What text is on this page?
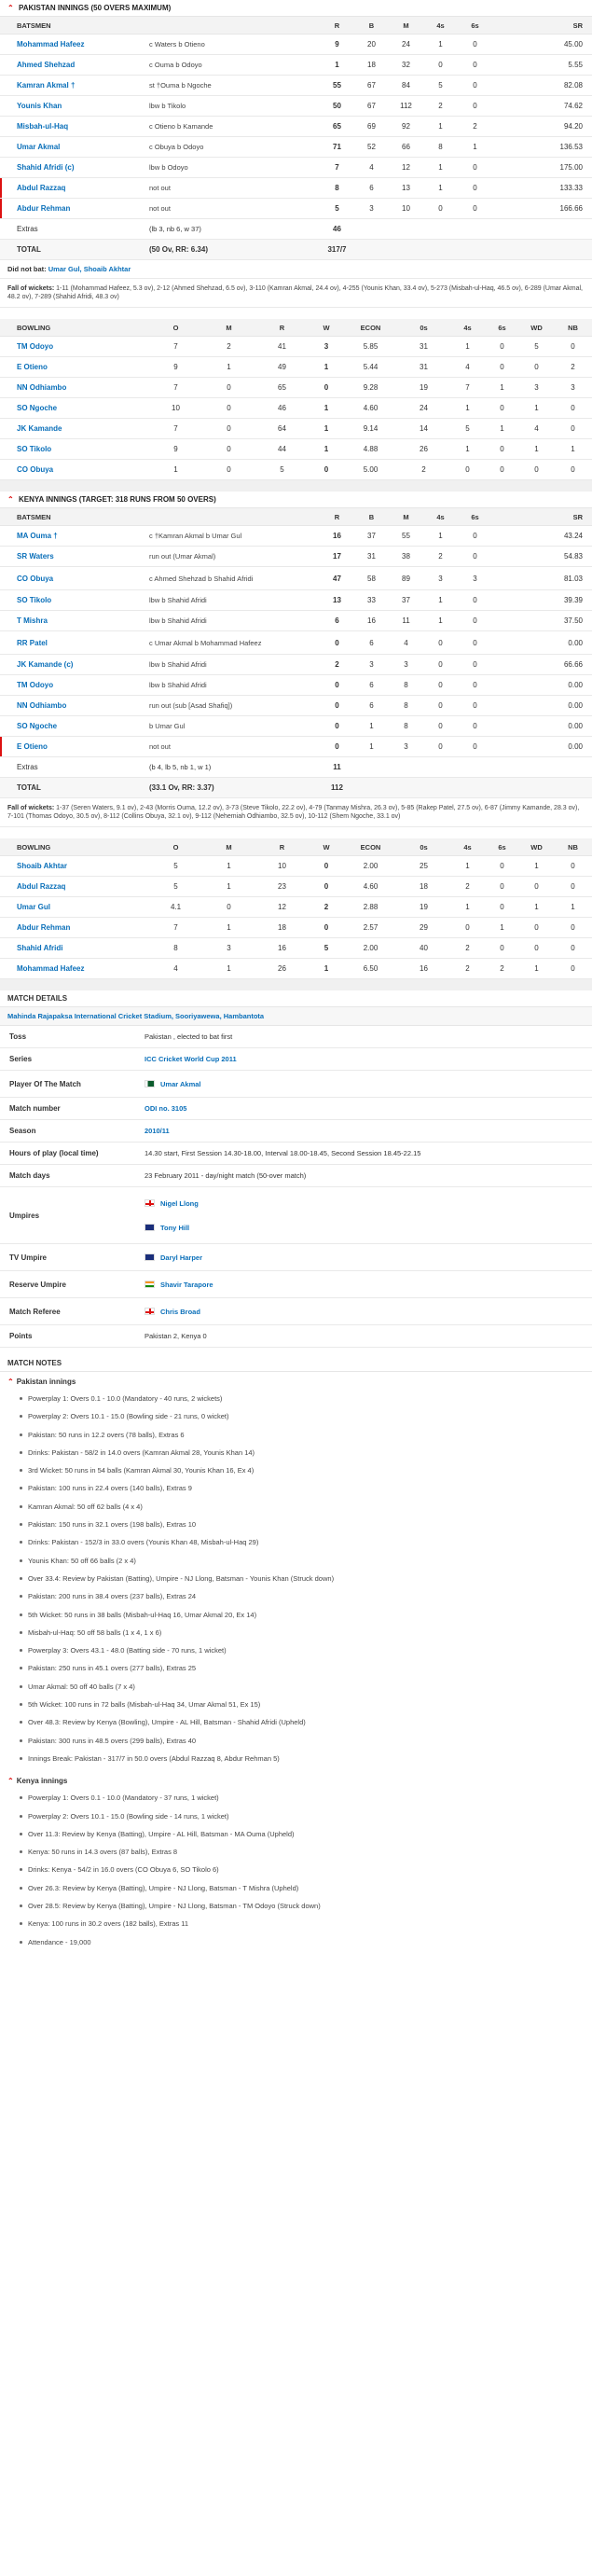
⌃ PAKISTAN INNINGS (50 OVERS MAXIMUM)
BATSMEN	R	B	M	4s	6s	SR
Mohammad Hafeez	c Waters b Otieno	9	20	24	1	0	45.00
Ahmed Shehzad	c Ouma b Odoyo	1	18	32	0	0	5.55
Kamran Akmal †	st †Ouma b Ngoche	55	67	84	5	0	82.08
Younis Khan	lbw b Tikolo	50	67	112	2	0	74.62
Misbah-ul-Haq	c Otieno b Kamande	65	69	92	1	2	94.20
Umar Akmal	c Obuya b Odoyo	71	52	66	8	1	136.53
Shahid Afridi (c)	lbw b Odoyo	7	4	12	1	0	175.00
Abdul Razzaq	not out	8	6	13	1	0	133.33
Abdur Rehman	not out	5	3	10	0	0	166.66
Extras	(lb 3, nb 6, w 37)	46
TOTAL	(50 Ov, RR: 6.34)	317/7
Did not bat: Umar Gul, Shoaib Akhtar
Fall of wickets: 1-11 (Mohammad Hafeez, 5.3 ov), 2-12 (Ahmed Shehzad, 6.5 ov), 3-110 (Kamran Akmal, 24.4 ov), 4-255 (Younis Khan, 33.4 ov), 5-273 (Misbah-ul-Haq, 46.5 ov), 6-289 (Umar Akmal, 48.2 ov), 7-289 (Shahid Afridi, 48.3 ov)
BOWLING	O	M	R	W	ECON	0s	4s	6s	WD	NB
TM Odoyo	7	2	41	3	5.85	31	1	0	5	0
E Otieno	9	1	49	1	5.44	31	4	0	0	2
NN Odhiambo	7	0	65	0	9.28	19	7	1	3	3
SO Ngoche	10	0	46	1	4.60	24	1	0	1	0
JK Kamande	7	0	64	1	9.14	14	5	1	4	0
SO Tikolo	9	0	44	1	4.88	26	1	0	1	1
CO Obuya	1	0	5	0	5.00	2	0	0	0	0
⌃ KENYA INNINGS (TARGET: 318 RUNS FROM 50 OVERS)
BATSMEN	R	B	M	4s	6s	SR
MA Ouma †	c †Kamran Akmal b Umar Gul	16	37	55	1	0	43.24
SR Waters	run out (Umar Akmal)	17	31	38	2	0	54.83
CO Obuya	c Ahmed Shehzad b Shahid Afridi	47	58	89	3	3	81.03
SO Tikolo	lbw b Shahid Afridi	13	33	37	1	0	39.39
T Mishra	lbw b Shahid Afridi	6	16	11	1	0	37.50
RR Patel	c Umar Akmal b Mohammad Hafeez	0	6	4	0	0	0.00
JK Kamande (c)	lbw b Shahid Afridi	2	3	3	0	0	66.66
TM Odoyo	lbw b Shahid Afridi	0	6	8	0	0	0.00
NN Odhiambo	run out (sub [Asad Shafiq])	0	6	8	0	0	0.00
SO Ngoche	b Umar Gul	0	1	8	0	0	0.00
E Otieno	not out	0	1	3	0	0	0.00
Extras	(b 4, lb 5, nb 1, w 1)	11
TOTAL	(33.1 Ov, RR: 3.37)	112
Fall of wickets: 1-37 (Seren Waters, 9.1 ov), 2-43 (Morris Ouma, 12.2 ov), 3-73 (Steve Tikolo, 22.2 ov), 4-79 (Tanmay Mishra, 26.3 ov), 5-85 (Rakep Patel, 27.5 ov), 6-87 (Jimmy Kamande, 28.3 ov), 7-101 (Thomas Odoyo, 30.5 ov), 8-112 (Collins Obuya, 32.1 ov), 9-112 (Nehemiah Odhiambo, 32.5 ov), 10-112 (Shem Ngoche, 33.1 ov)
BOWLING	O	M	R	W	ECON	0s	4s	6s	WD	NB
Shoaib Akhtar	5	1	10	0	2.00	25	1	0	1	0
Abdul Razzaq	5	1	23	0	4.60	18	2	0	0	0
Umar Gul	4.1	0	12	2	2.88	19	1	0	1	1
Abdur Rehman	7	1	18	0	2.57	29	0	1	0	0
Shahid Afridi	8	3	16	5	2.00	40	2	0	0	0
Mohammad Hafeez	4	1	26	1	6.50	16	2	2	1	0
MATCH DETAILS
Mahinda Rajapaksa International Cricket Stadium, Sooriyawewa, Hambantota
Toss	Pakistan , elected to bat first
Series	ICC Cricket World Cup 2011
Player Of The Match	Umar Akmal
Match number	ODI no. 3105
Season	2010/11
Hours of play (local time)	14.30 start, First Session 14.30-18.00, Interval 18.00-18.45, Second Session 18.45-22.15
Match days	23 February 2011 - day/night match (50-over match)
Umpires
Nigel Llong
Tony Hill
TV Umpire	Daryl Harper
Reserve Umpire	Shavir Tarapore
Match Referee	Chris Broad
Points	Pakistan 2, Kenya 0
MATCH NOTES
⌃ Pakistan innings
Powerplay 1: Overs 0.1 - 10.0 (Mandatory - 40 runs, 2 wickets)
Powerplay 2: Overs 10.1 - 15.0 (Bowling side - 21 runs, 0 wicket)
Pakistan: 50 runs in 12.2 overs (78 balls), Extras 6
Drinks: Pakistan - 58/2 in 14.0 overs (Kamran Akmal 28, Younis Khan 14)
3rd Wicket: 50 runs in 54 balls (Kamran Akmal 30, Younis Khan 16, Ex 4)
Pakistan: 100 runs in 22.4 overs (140 balls), Extras 9
Kamran Akmal: 50 off 62 balls (4 x 4)
Pakistan: 150 runs in 32.1 overs (198 balls), Extras 10
Drinks: Pakistan - 152/3 in 33.0 overs (Younis Khan 48, Misbah-ul-Haq 29)
Younis Khan: 50 off 66 balls (2 x 4)
Over 33.4: Review by Pakistan (Batting), Umpire - NJ Llong, Batsman - Younis Khan (Struck down)
Pakistan: 200 runs in 38.4 overs (237 balls), Extras 24
5th Wicket: 50 runs in 38 balls (Misbah-ul-Haq 16, Umar Akmal 20, Ex 14)
Misbah-ul-Haq: 50 off 58 balls (1 x 4, 1 x 6)
Powerplay 3: Overs 43.1 - 48.0 (Batting side - 70 runs, 1 wicket)
Pakistan: 250 runs in 45.1 overs (277 balls), Extras 25
Umar Akmal: 50 off 40 balls (7 x 4)
5th Wicket: 100 runs in 72 balls (Misbah-ul-Haq 34, Umar Akmal 51, Ex 15)
Over 48.3: Review by Kenya (Bowling), Umpire - AL Hill, Batsman - Shahid Afridi (Upheld)
Pakistan: 300 runs in 48.5 overs (299 balls), Extras 40
Innings Break: Pakistan - 317/7 in 50.0 overs (Abdul Razzaq 8, Abdur Rehman 5)
⌃ Kenya innings
Powerplay 1: Overs 0.1 - 10.0 (Mandatory - 37 runs, 1 wicket)
Powerplay 2: Overs 10.1 - 15.0 (Bowling side - 14 runs, 1 wicket)
Over 11.3: Review by Kenya (Batting), Umpire - AL Hill, Batsman - MA Ouma (Upheld)
Kenya: 50 runs in 14.3 overs (87 balls), Extras 8
Drinks: Kenya - 54/2 in 16.0 overs (CO Obuya 6, SO Tikolo 6)
Over 26.3: Review by Kenya (Batting), Umpire - NJ Llong, Batsman - T Mishra (Upheld)
Over 28.5: Review by Kenya (Batting), Umpire - NJ Llong, Batsman - TM Odoyo (Struck down)
Kenya: 100 runs in 30.2 overs (182 balls), Extras 11
Attendance - 19,000
